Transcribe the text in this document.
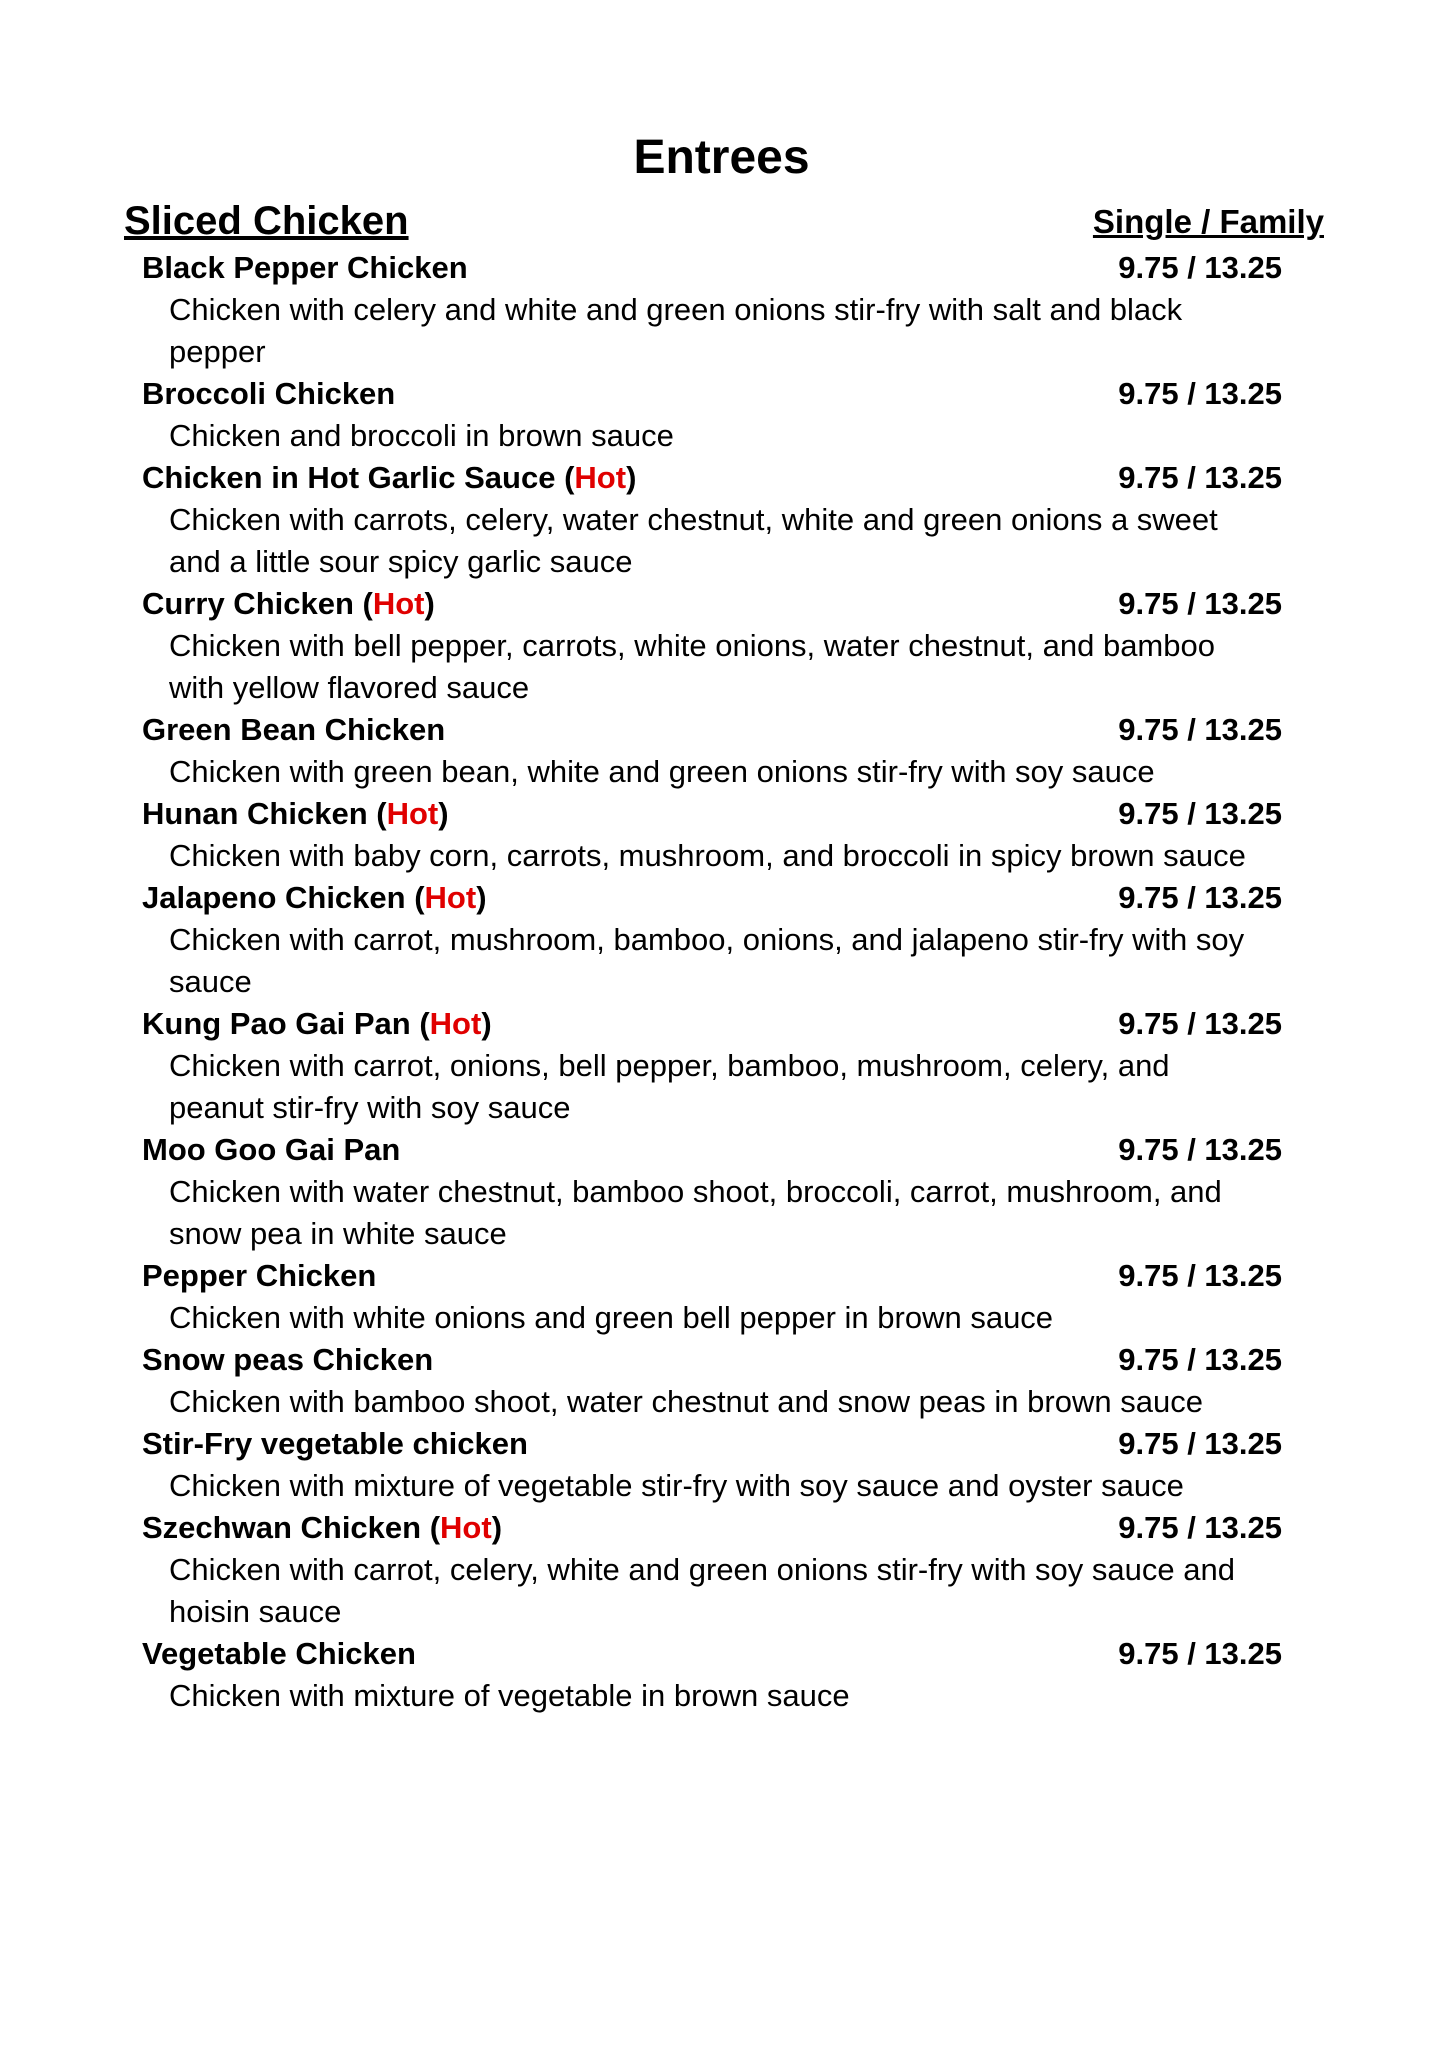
Entrees
Sliced Chicken	Single / Family
Black Pepper Chicken	9.75 / 13.25
Chicken with celery and white and green onions stir-fry with salt and black pepper
Broccoli Chicken	9.75 / 13.25
Chicken and broccoli in brown sauce
Chicken in Hot Garlic Sauce (Hot)	9.75 / 13.25
Chicken with carrots, celery, water chestnut, white and green onions a sweet and a little sour spicy garlic sauce
Curry Chicken (Hot)	9.75 / 13.25
Chicken with bell pepper, carrots, white onions, water chestnut, and bamboo with yellow flavored sauce
Green Bean Chicken	9.75 / 13.25
Chicken with green bean, white and green onions stir-fry with soy sauce
Hunan Chicken (Hot)	9.75 / 13.25
Chicken with baby corn, carrots, mushroom, and broccoli in spicy brown sauce
Jalapeno Chicken (Hot)	9.75 / 13.25
Chicken with carrot, mushroom, bamboo, onions, and jalapeno stir-fry with soy sauce
Kung Pao Gai Pan (Hot)	9.75 / 13.25
Chicken with carrot, onions, bell pepper, bamboo, mushroom, celery, and peanut stir-fry with soy sauce
Moo Goo Gai Pan	9.75 / 13.25
Chicken with water chestnut, bamboo shoot, broccoli, carrot, mushroom, and snow pea in white sauce
Pepper Chicken	9.75 / 13.25
Chicken with white onions and green bell pepper in brown sauce
Snow peas Chicken	9.75 / 13.25
Chicken with bamboo shoot, water chestnut and snow peas in brown sauce
Stir-Fry vegetable chicken	9.75 / 13.25
Chicken with mixture of vegetable stir-fry with soy sauce and oyster sauce
Szechwan Chicken (Hot)	9.75 / 13.25
Chicken with carrot, celery, white and green onions stir-fry with soy sauce and hoisin sauce
Vegetable Chicken	9.75 / 13.25
Chicken with mixture of vegetable in brown sauce
